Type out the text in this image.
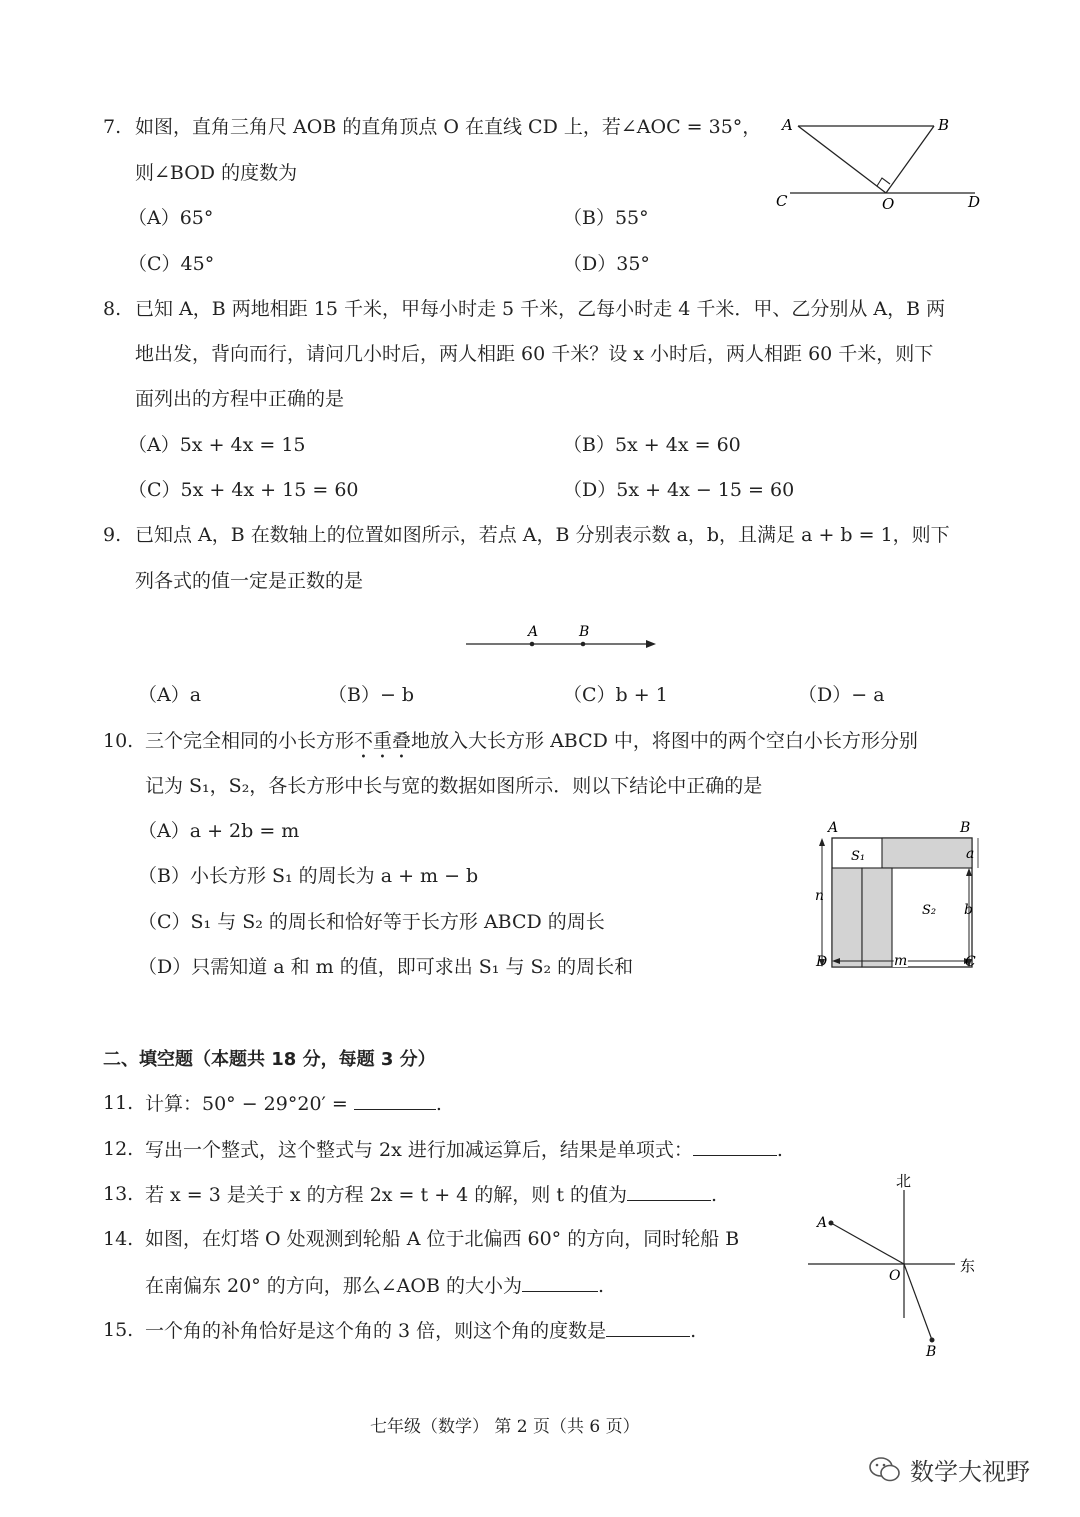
7. 如图，直角三角尺 AOB 的直角顶点 O 在直线 CD 上，若∠AOC = 35°，
则∠BOD 的度数为
（A）65°	（B）55°
（C）45°	（D）35°
A	B
C	O	D
8. 已知 A，B 两地相距 15 千米，甲每小时走 5 千米，乙每小时走 4 千米．甲、乙分别从 A，B 两
地出发，背向而行，请问几小时后，两人相距 60 千米？设 x 小时后，两人相距 60 千米，则下
面列出的方程中正确的是
（A）5x + 4x = 15	（B）5x + 4x = 60
（C）5x + 4x + 15 = 60	（D）5x + 4x − 15 = 60
9. 已知点 A，B 在数轴上的位置如图所示，若点 A，B 分别表示数 a，b，且满足 a + b = 1，则下
列各式的值一定是正数的是
A	B
（A）a	（B）− b	（C）b + 1	（D）− a
10. 三个完全相同的小长方形不重叠地放入大长方形 ABCD 中，将图中的两个空白小长方形分别
记为 S₁，S₂，各长方形中长与宽的数据如图所示．则以下结论中正确的是
（A）a + 2b = m
（B）小长方形 S₁ 的周长为 a + m − b
（C）S₁ 与 S₂ 的周长和恰好等于长方形 ABCD 的周长
（D）只需知道 a 和 m 的值，即可求出 S₁ 与 S₂ 的周长和
A	B
D	C
S₁
S₂
a
b
n
m
二、填空题（本题共 18 分，每题 3 分）
11. 计算：50° − 29°20′ =	.
12. 写出一个整式，这个整式与 2x 进行加减运算后，结果是单项式：	.
13. 若 x = 3 是关于 x 的方程 2x = t + 4 的解，则 t 的值为	.
14. 如图，在灯塔 O 处观测到轮船 A 位于北偏西 60° 的方向，同时轮船 B
在南偏东 20° 的方向，那么∠AOB 的大小为	.
15. 一个角的补角恰好是这个角的 3 倍，则这个角的度数是	.
北
东
A
O
B
七年级（数学） 第 2 页（共 6 页）
数学大视野
